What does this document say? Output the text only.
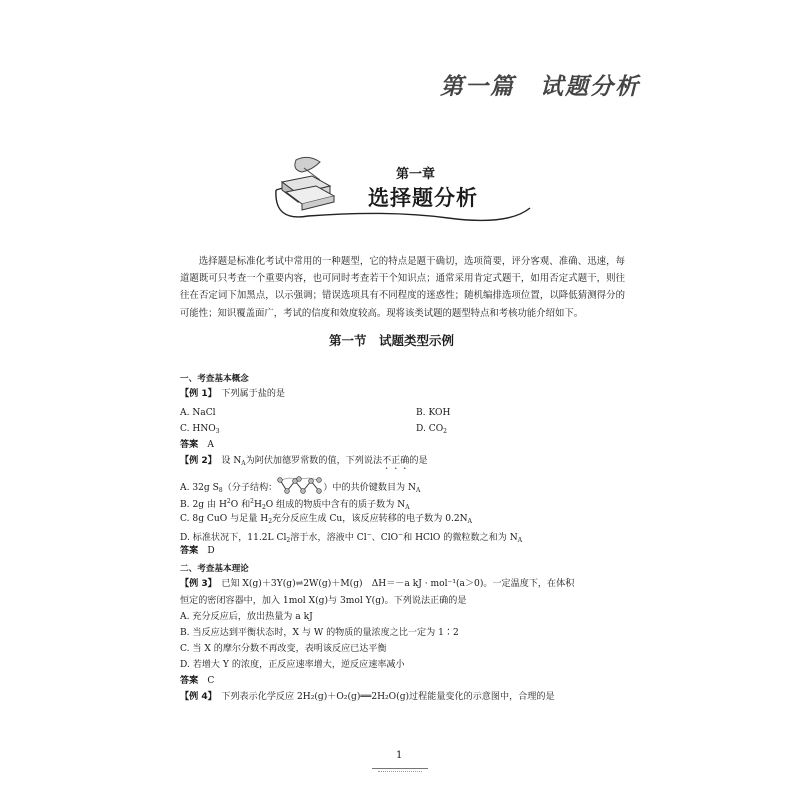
第一篇　试题分析
第一章
选择题分析

选择题是标准化考试中常用的一种题型，它的特点是题干确切，选项简要，评分客观、准确、迅速，每道题既可只考查一个重要内容，也可同时考查若干个知识点；通常采用肯定式题干，如用否定式题干，则往往在否定词下加黑点，以示强调；错误选项具有不同程度的迷惑性；随机编排选项位置，以降低猜测得分的可能性；知识覆盖面广，考试的信度和效度较高。现将该类试题的题型特点和考核功能介绍如下。

第一节　试题类型示例
一、考查基本概念
【例 1】　 下列属于盐的是
A. NaCl	B. KOH
C. $HNO_3$	D. $CO_2$
答案　 A
【例 2】　 设 $N_A$为阿伏加德罗常数的值，下列说法不正确的是
A. 32g $S_8$（分子结构：	）中的共价键数目为 $N_A$
B. 2g 由 $H^2O$ 和$^2H_2O$ 组成的物质中含有的质子数为 $N_A$
C. 8g CuO 与足量 $H_2$充分反应生成 Cu，该反应转移的电子数为 $0.2N_A$
D. 标准状况下，11.2L $Cl_2$溶于水，溶液中 Cl−、ClO−和 HClO 的微粒数之和为 $N_A$
答案　 D
二、考查基本理论
【例 3】　 已知 X(g)＋3Y(g)⇌2W(g)＋M(g)　ΔH＝－a kJ · mol⁻¹(a＞0)。一定温度下，在体积
恒定的密闭容器中，加入 1mol X(g)与 3mol Y(g)。下列说法正确的是
A. 充分反应后，放出热量为 a kJ
B. 当反应达到平衡状态时，X 与 W 的物质的量浓度之比一定为 1∶2
C. 当 X 的摩尔分数不再改变，表明该反应已达平衡
D. 若增大 Y 的浓度，正反应速率增大，逆反应速率减小
答案　 C
【例 4】　 下列表示化学反应 2H₂(g)＋O₂(g)══2H₂O(g)过程能量变化的示意图中，合理的是
1
